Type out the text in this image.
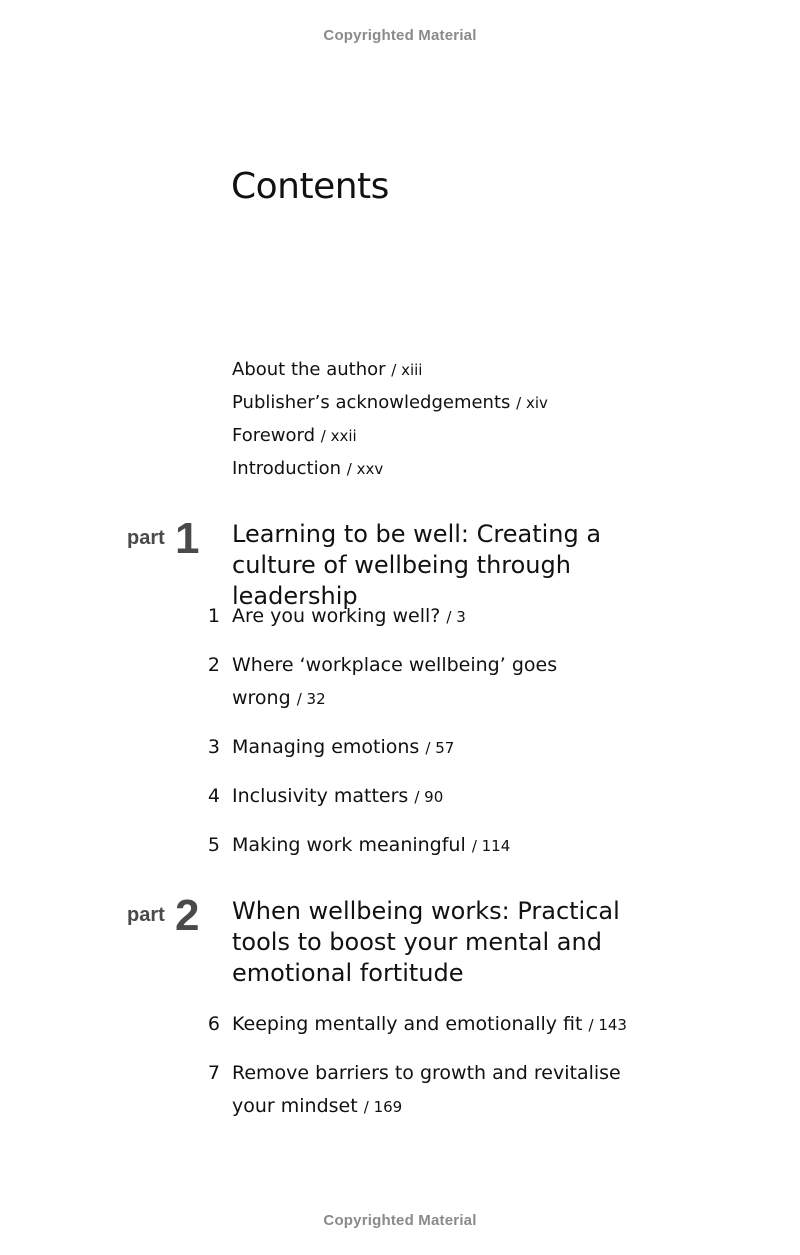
Copyrighted Material
Contents
About the author / xiii
Publisher’s acknowledgements / xiv
Foreword / xxii
Introduction / xxv
part 1 Learning to be well: Creating a culture of wellbeing through leadership
1 Are you working well? / 3
2 Where ‘workplace wellbeing’ goes wrong / 32
3 Managing emotions / 57
4 Inclusivity matters / 90
5 Making work meaningful / 114
part 2 When wellbeing works: Practical tools to boost your mental and emotional fortitude
6 Keeping mentally and emotionally fit / 143
7 Remove barriers to growth and revitalise your mindset / 169
Copyrighted Material
